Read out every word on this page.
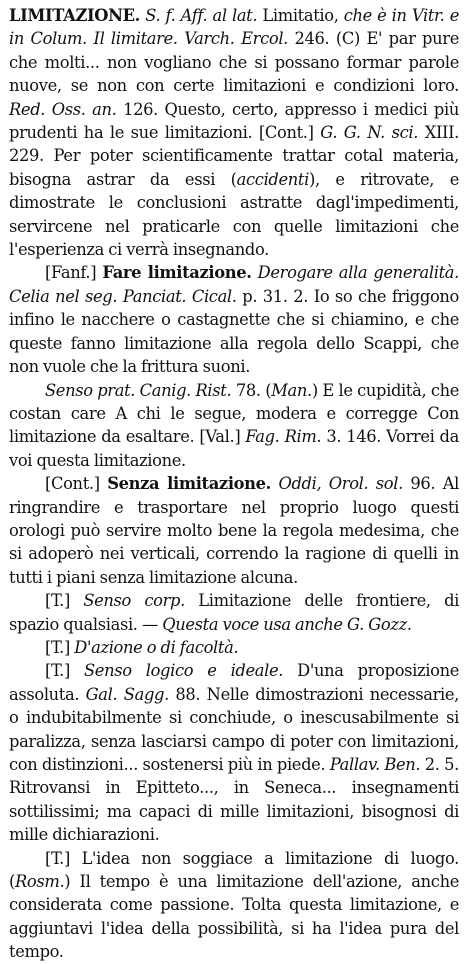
LIMITAZIONE. S. f. Aff. al lat. Limitatio, che è in Vitr. e in Colum. Il limitare. Varch. Ercol. 246. (C) E' par pure che molti... non vogliano che si possano formar parole nuove, se non con certe limitazioni e condizioni loro. Red. Oss. an. 126. Questo, certo, appresso i medici più prudenti ha le sue limitazioni. [Cont.] G. G. N. sci. XIII. 229. Per poter scientificamente trattar cotal materia, bisogna astrar da essi (accidenti), e ritrovate, e dimostrate le conclusioni astratte dagl'impedimenti, servircene nel praticarle con quelle limitazioni che l'esperienza ci verrà insegnando.

[Fanf.] Fare limitazione. Derogare alla generalità. Celia nel seg. Panciat. Cical. p. 31. 2. Io so che friggono infino le nacchere o castagnette che si chiamino, e che queste fanno limitazione alla regola dello Scappi, che non vuole che la frittura suoni.

Senso prat. Canig. Rist. 78. (Man.) E le cupidità, che costan care A chi le segue, modera e corregge Con limitazione da esaltare. [Val.] Fag. Rim. 3. 146. Vorrei da voi questa limitazione.

[Cont.] Senza limitazione. Oddi, Orol. sol. 96. Al ringrandire e trasportare nel proprio luogo questi orologi può servire molto bene la regola medesima, che si adoperò nei verticali, correndo la ragione di quelli in tutti i piani senza limitazione alcuna.

[T.] Senso corp. Limitazione delle frontiere, di spazio qualsiasi. — Questa voce usa anche G. Gozz.

[T.] D'azione o di facoltà.

[T.] Senso logico e ideale. D'una proposizione assoluta. Gal. Sagg. 88. Nelle dimostrazioni necessarie, o indubitabilmente si conchiude, o inescusabilmente si paralizza, senza lasciarsi campo di poter con limitazioni, con distinzioni... sostenersi più in piede. Pallav. Ben. 2. 5. Ritrovansi in Epitteto..., in Seneca... insegnamenti sottilissimi; ma capaci di mille limitazioni, bisognosi di mille dichiarazioni.

[T.] L'idea non soggiace a limitazione di luogo. (Rosm.) Il tempo è una limitazione dell'azione, anche considerata come passione. Tolta questa limitazione, e aggiuntavi l'idea della possibilità, si ha l'idea pura del tempo.
